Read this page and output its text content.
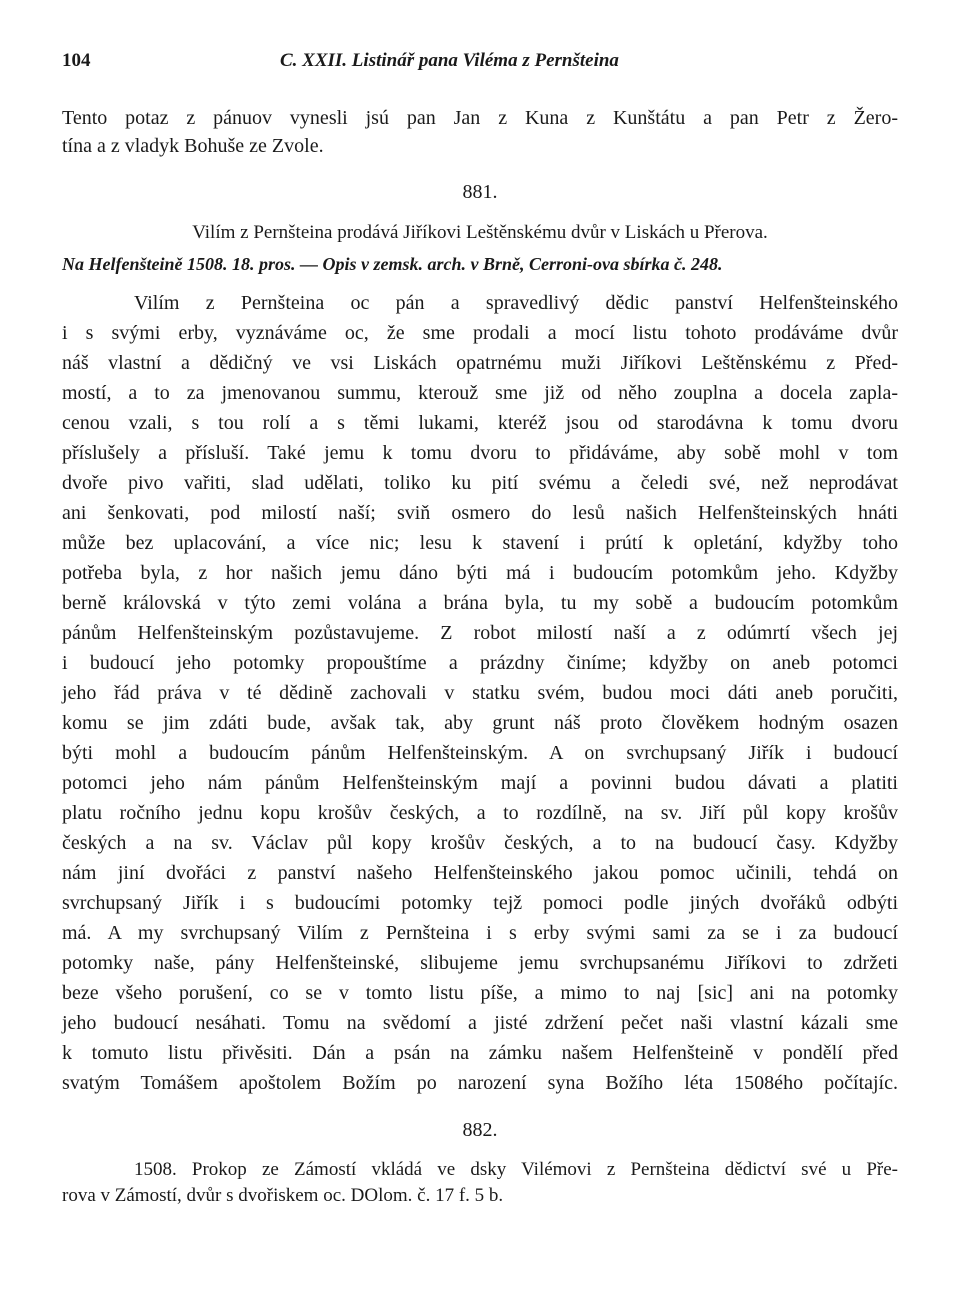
104	C. XXII. Listinář pana Viléma z Pernšteina
Tento potaz z pánuov vynesli jsú pan Jan z Kuna z Kunštátu a pan Petr z Žero-
tína a z vladyk Bohuše ze Zvole.
881.
Vilím z Pernšteina prodává Jiříkovi Leštěnskému dvůr v Liskách u Přerova.
Na Helfenšteině 1508. 18. pros. — Opis v zemsk. arch. v Brně, Cerroni-ova sbírka č. 248.
Vilím z Pernšteina oc pán a spravedlivý dědic panství Helfenšteinského
i s svými erby, vyznáváme oc, že sme prodali a mocí listu tohoto prodáváme dvůr
náš vlastní a dědičný ve vsi Liskách opatrnému muži Jiříkovi Leštěnskému z Před-
mostí, a to za jmenovanou summu, kterouž sme již od něho zouplna a docela zapla-
cenou vzali, s tou rolí a s těmi lukami, kteréž jsou od starodávna k tomu dvoru
příslušely a přísluší. Také jemu k tomu dvoru to přidáváme, aby sobě mohl v tom
dvoře pivo vařiti, slad udělati, toliko ku pití svému a čeledi své, než neprodávat
ani šenkovati, pod milostí naší; sviň osmero do lesů našich Helfenšteinských hnáti
může bez uplacování, a více nic; lesu k stavení i prútí k opletání, kdyžby toho
potřeba byla, z hor našich jemu dáno býti má i budoucím potomkům jeho. Kdyžby
berně královská v týto zemi volána a brána byla, tu my sobě a budoucím potomkům
pánům Helfenšteinským pozůstavujeme. Z robot milostí naší a z odúmrtí všech jej
i budoucí jeho potomky propouštíme a prázdny činíme; kdyžby on aneb potomci
jeho řád práva v té dědině zachovali v statku svém, budou moci dáti aneb poručiti,
komu se jim zdáti bude, avšak tak, aby grunt náš proto člověkem hodným osazen
býti mohl a budoucím pánům Helfenšteinským. A on svrchupsaný Jiřík i budoucí
potomci jeho nám pánům Helfenšteinským mají a povinni budou dávati a platiti
platu ročního jednu kopu krošův českých, a to rozdílně, na sv. Jiří půl kopy krošův
českých a na sv. Václav půl kopy krošův českých, a to na budoucí časy. Kdyžby
nám jiní dvořáci z panství našeho Helfenšteinského jakou pomoc učinili, tehdá on
svrchupsaný Jiřík i s budoucími potomky tejž pomoci podle jiných dvořáků odbýti
má. A my svrchupsaný Vilím z Pernšteina i s erby svými sami za se i za budoucí
potomky naše, pány Helfenšteinské, slibujeme jemu svrchupsanému Jiříkovi to zdržeti
beze všeho porušení, co se v tomto listu píše, a mimo to naj [sic] ani na potomky
jeho budoucí nesáhati. Tomu na svědomí a jisté zdržení pečet naši vlastní kázali sme
k tomuto listu přivěsiti. Dán a psán na zámku našem Helfenšteině v pondělí před
svatým Tomášem apoštolem Božím po narození syna Božího léta 1508ého počítajíc.
882.
1508. Prokop ze Zámostí vkládá ve dsky Vilémovi z Pernšteina dědictví své u Pře-
rova v Zámostí, dvůr s dvořiskem oc. DOlom. č. 17 f. 5 b.
